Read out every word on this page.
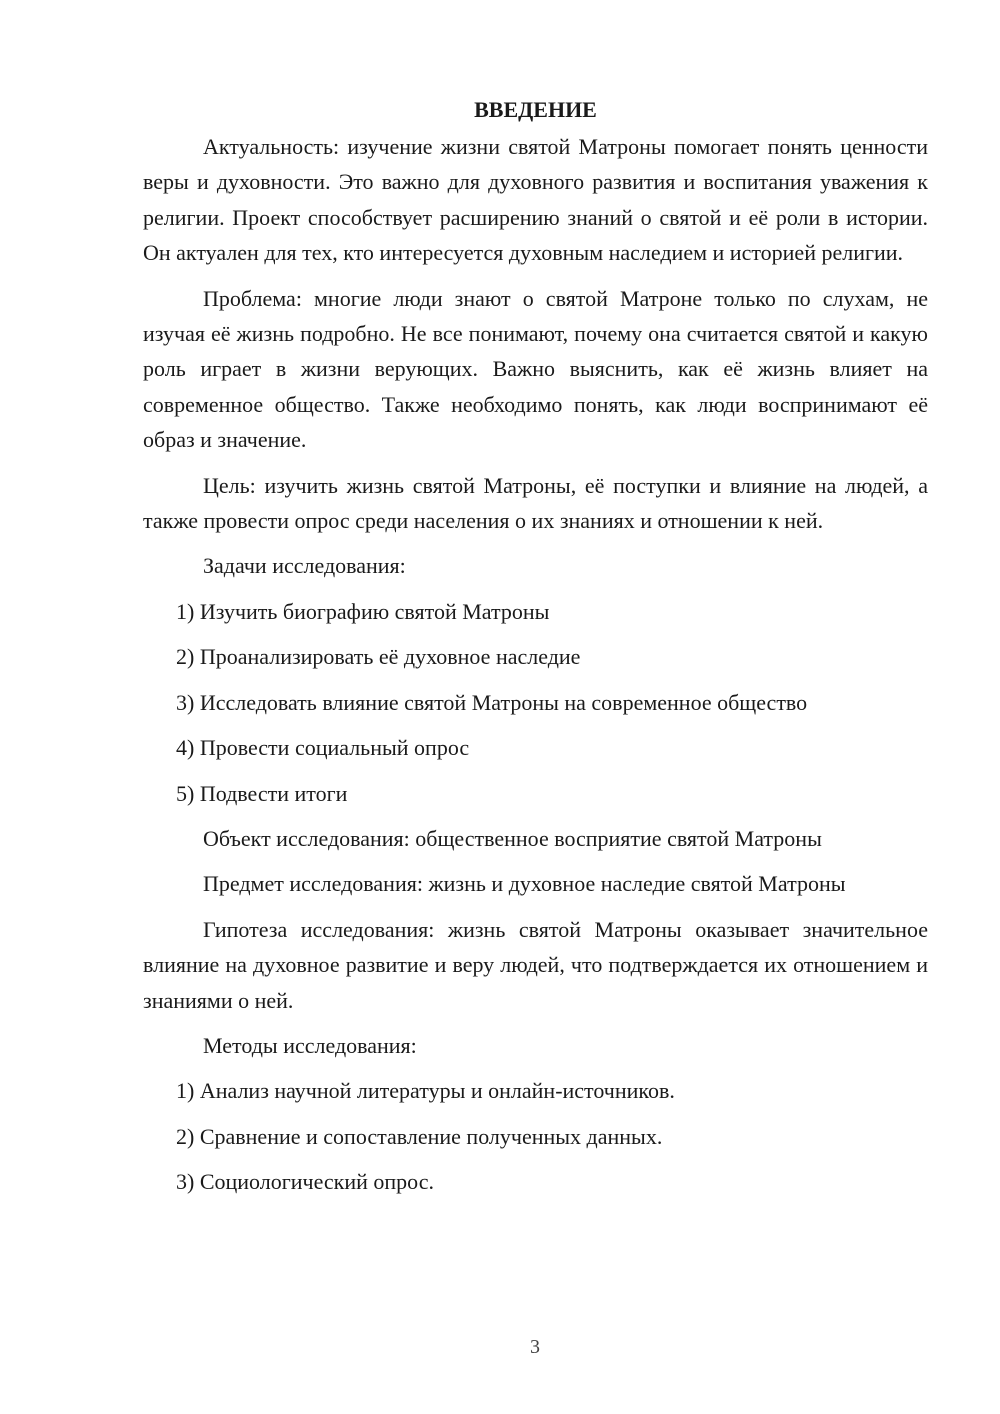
ВВЕДЕНИЕ

Актуальность: изучение жизни святой Матроны помогает понять ценности веры и духовности. Это важно для духовного развития и воспитания уважения к религии. Проект способствует расширению знаний о святой и её роли в истории. Он актуален для тех, кто интересуется духовным наследием и историей религии.

Проблема: многие люди знают о святой Матроне только по слухам, не изучая её жизнь подробно. Не все понимают, почему она считается святой и какую роль играет в жизни верующих. Важно выяснить, как её жизнь влияет на современное общество. Также необходимо понять, как люди воспринимают её образ и значение.

Цель: изучить жизнь святой Матроны, её поступки и влияние на людей, а также провести опрос среди населения о их знаниях и отношении к ней.

Задачи исследования:
1) Изучить биографию святой Матроны
2) Проанализировать её духовное наследие
3) Исследовать влияние святой Матроны на современное общество
4) Провести социальный опрос
5) Подвести итоги
Объект исследования: общественное восприятие святой Матроны
Предмет исследования: жизнь и духовное наследие святой Матроны

Гипотеза исследования: жизнь святой Матроны оказывает значительное влияние на духовное развитие и веру людей, что подтверждается их отношением и знаниями о ней.

Методы исследования:
1) Анализ научной литературы и онлайн-источников.
2) Сравнение и сопоставление полученных данных.
3) Социологический опрос.
3
